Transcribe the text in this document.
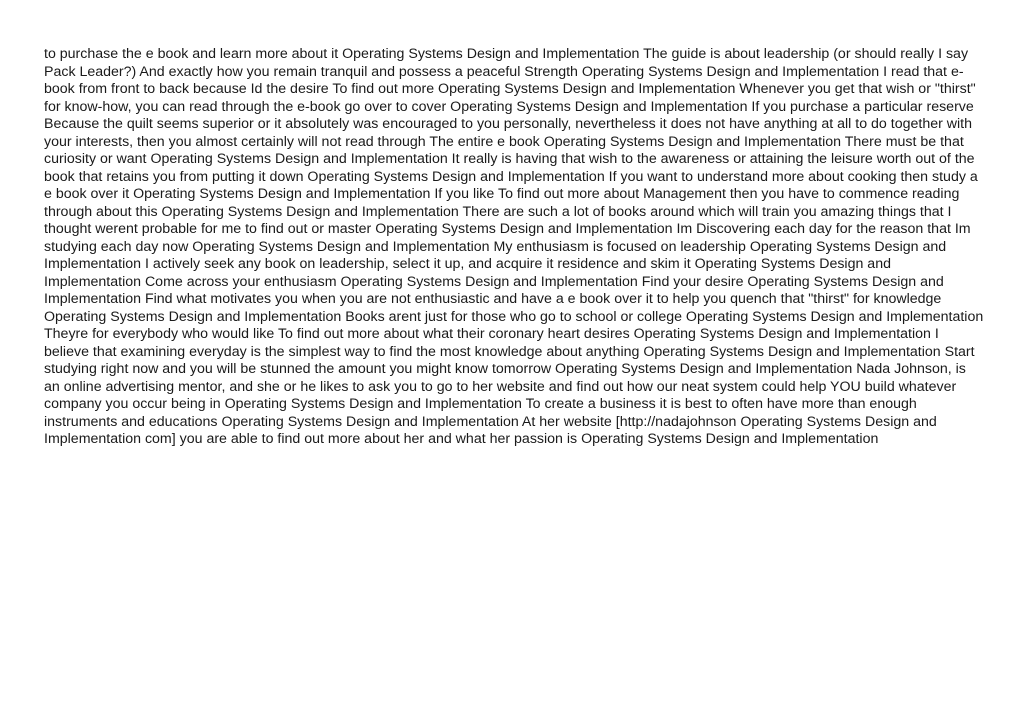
to purchase the e book and learn more about it Operating Systems Design and Implementation The guide is about leadership (or should really I say Pack Leader?) And exactly how you remain tranquil and possess a peaceful Strength Operating Systems Design and Implementation I read that e-book from front to back because Id the desire To find out more Operating Systems Design and Implementation Whenever you get that wish or "thirst" for know-how, you can read through the e-book go over to cover Operating Systems Design and Implementation If you purchase a particular reserve Because the quilt seems superior or it absolutely was encouraged to you personally, nevertheless it does not have anything at all to do together with your interests, then you almost certainly will not read through The entire e book Operating Systems Design and Implementation There must be that curiosity or want Operating Systems Design and Implementation It really is having that wish to the awareness or attaining the leisure worth out of the book that retains you from putting it down Operating Systems Design and Implementation If you want to understand more about cooking then study a e book over it Operating Systems Design and Implementation If you like To find out more about Management then you have to commence reading through about this Operating Systems Design and Implementation There are such a lot of books around which will train you amazing things that I thought werent probable for me to find out or master Operating Systems Design and Implementation Im Discovering each day for the reason that Im studying each day now Operating Systems Design and Implementation My enthusiasm is focused on leadership Operating Systems Design and Implementation I actively seek any book on leadership, select it up, and acquire it residence and skim it Operating Systems Design and Implementation Come across your enthusiasm Operating Systems Design and Implementation Find your desire Operating Systems Design and Implementation Find what motivates you when you are not enthusiastic and have a e book over it to help you quench that "thirst" for knowledge Operating Systems Design and Implementation Books arent just for those who go to school or college Operating Systems Design and Implementation Theyre for everybody who would like To find out more about what their coronary heart desires Operating Systems Design and Implementation I believe that examining everyday is the simplest way to find the most knowledge about anything Operating Systems Design and Implementation Start studying right now and you will be stunned the amount you might know tomorrow Operating Systems Design and Implementation Nada Johnson, is an online advertising mentor, and she or he likes to ask you to go to her website and find out how our neat system could help YOU build whatever company you occur being in Operating Systems Design and Implementation To create a business it is best to often have more than enough instruments and educations Operating Systems Design and Implementation At her website [http://nadajohnson Operating Systems Design and Implementation com] you are able to find out more about her and what her passion is Operating Systems Design and Implementation
